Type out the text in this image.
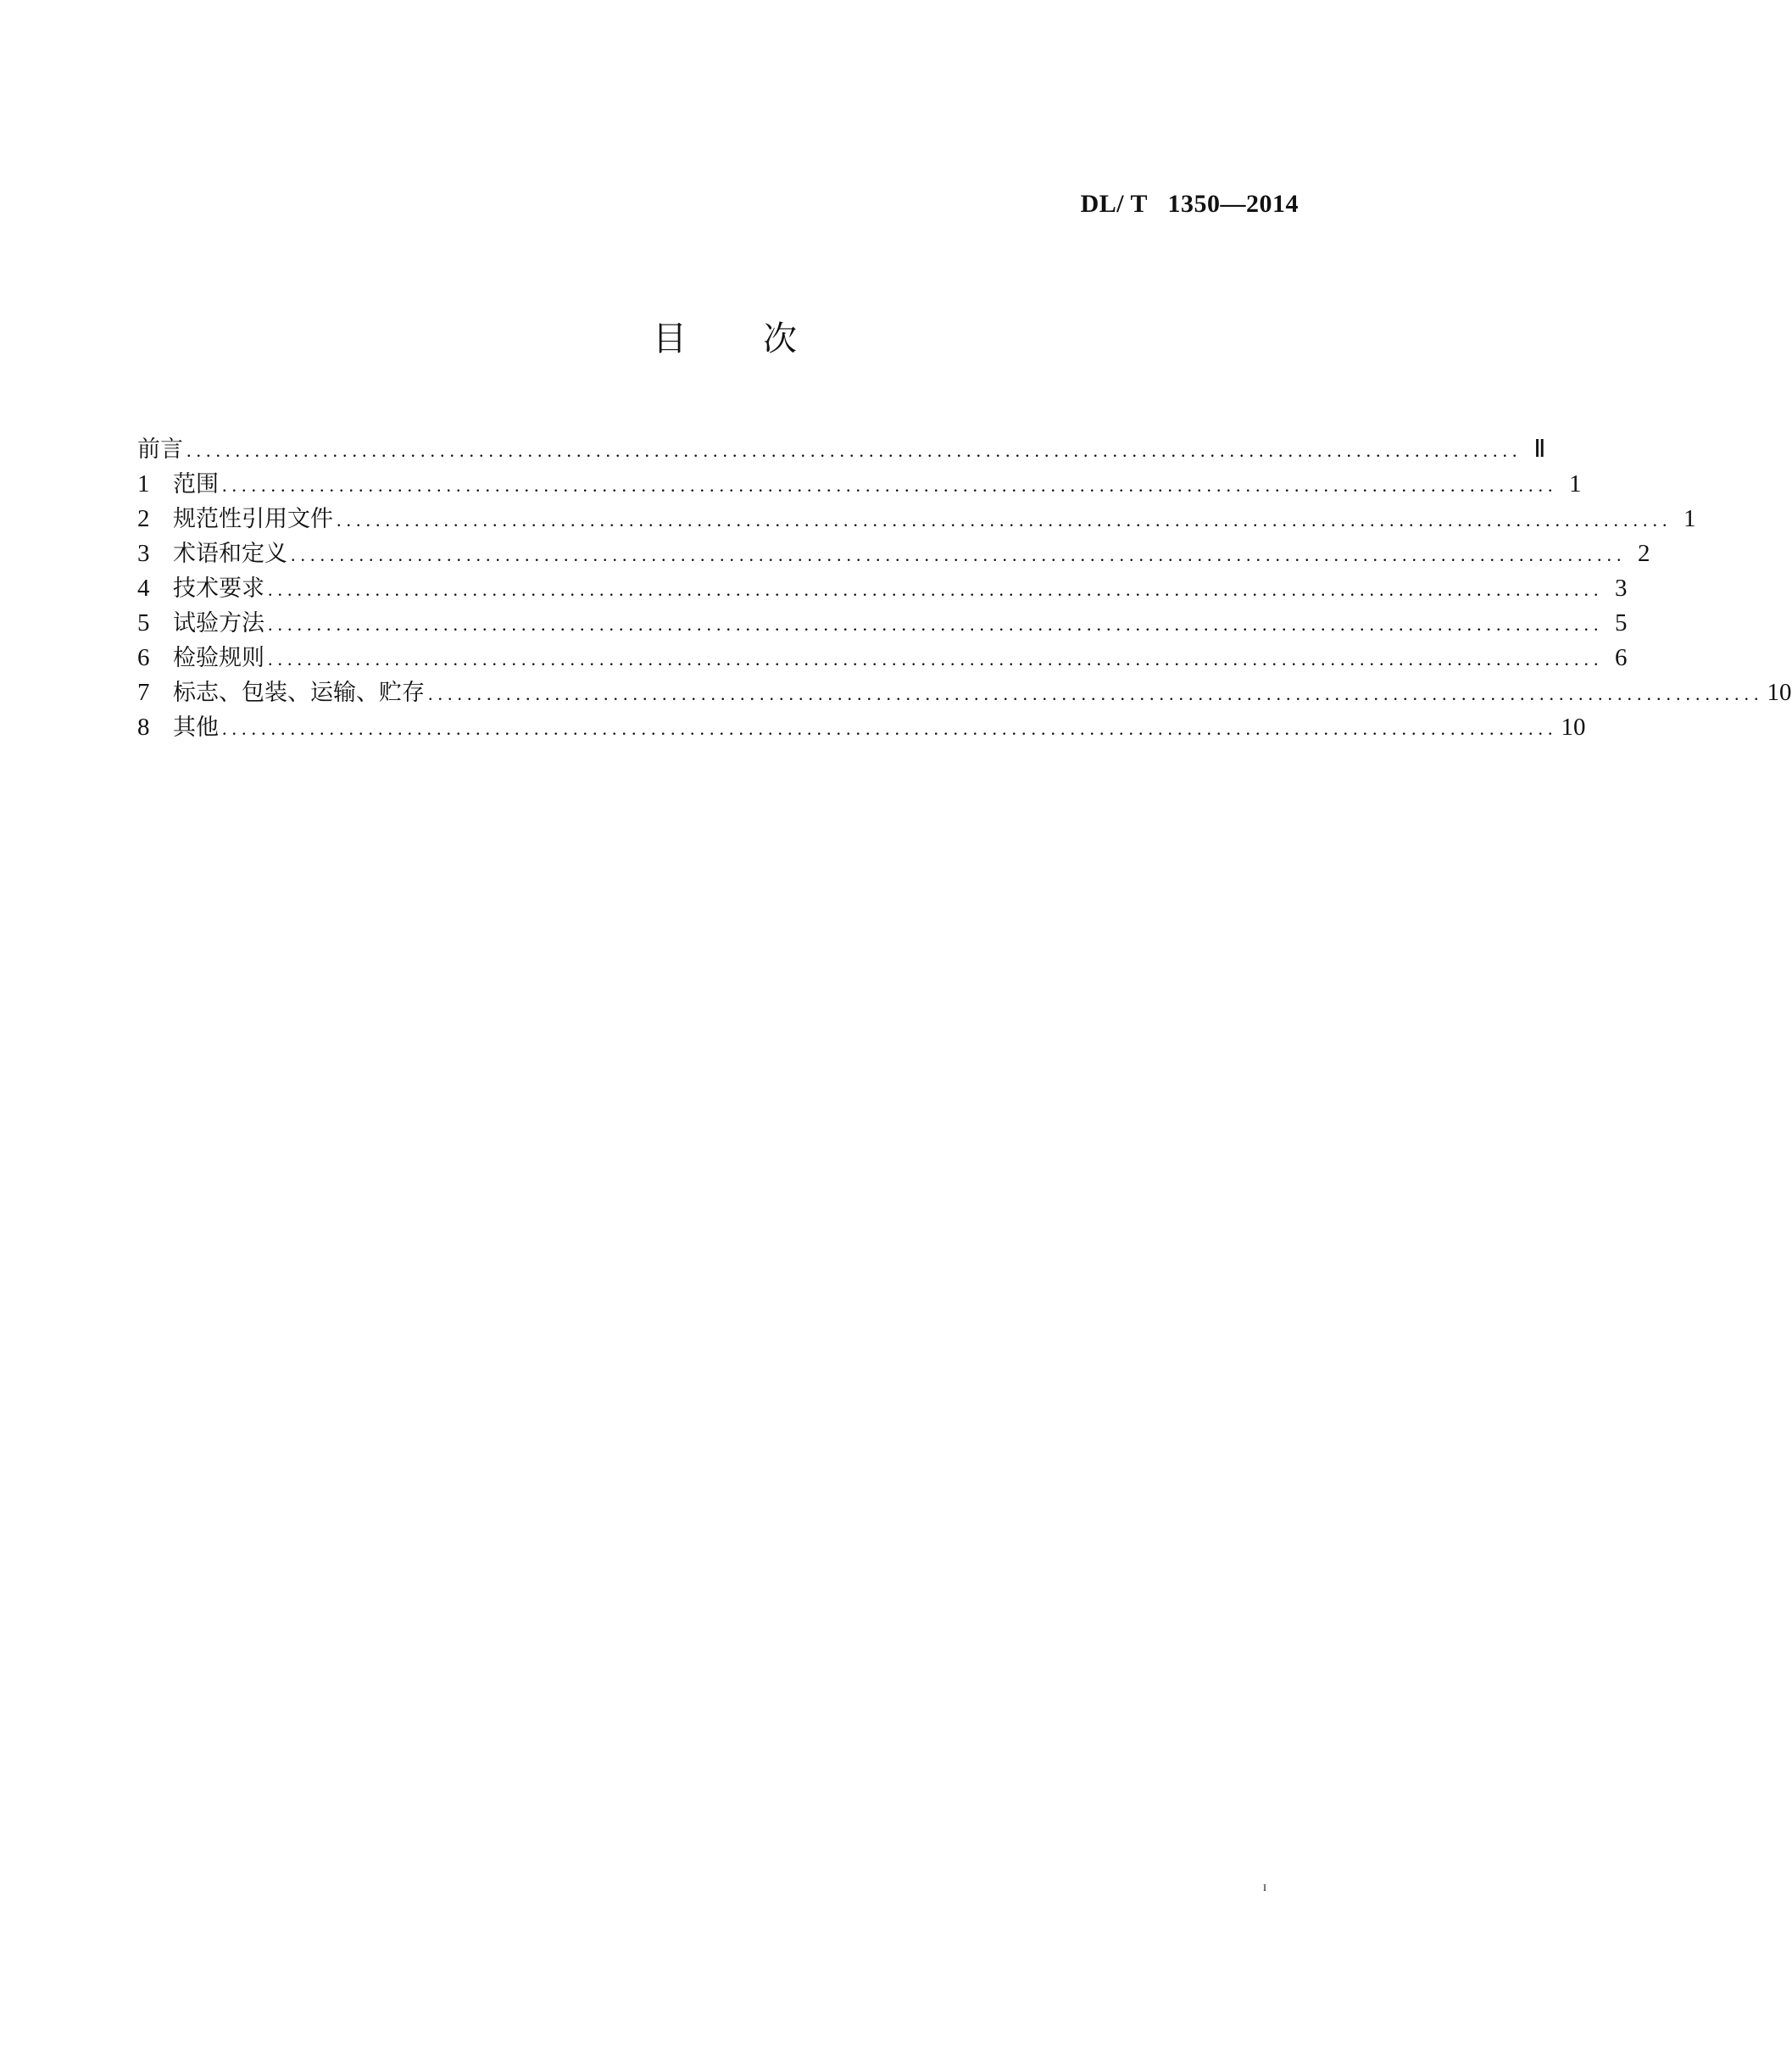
DL/ T   1350—2014
目 次
前言 ......................................................................................................................................... Ⅱ
1	范围 ......................................................................................................................................... 1
2	规范性引用文件 ......................................................................................................................................... 1
3	术语和定义 ......................................................................................................................................... 2
4	技术要求 ......................................................................................................................................... 3
5	试验方法 ......................................................................................................................................... 5
6	检验规则 ......................................................................................................................................... 6
7	标志、包装、运输、贮存 ......................................................................................................................................... 10
8	其他 ......................................................................................................................................... 10
I
